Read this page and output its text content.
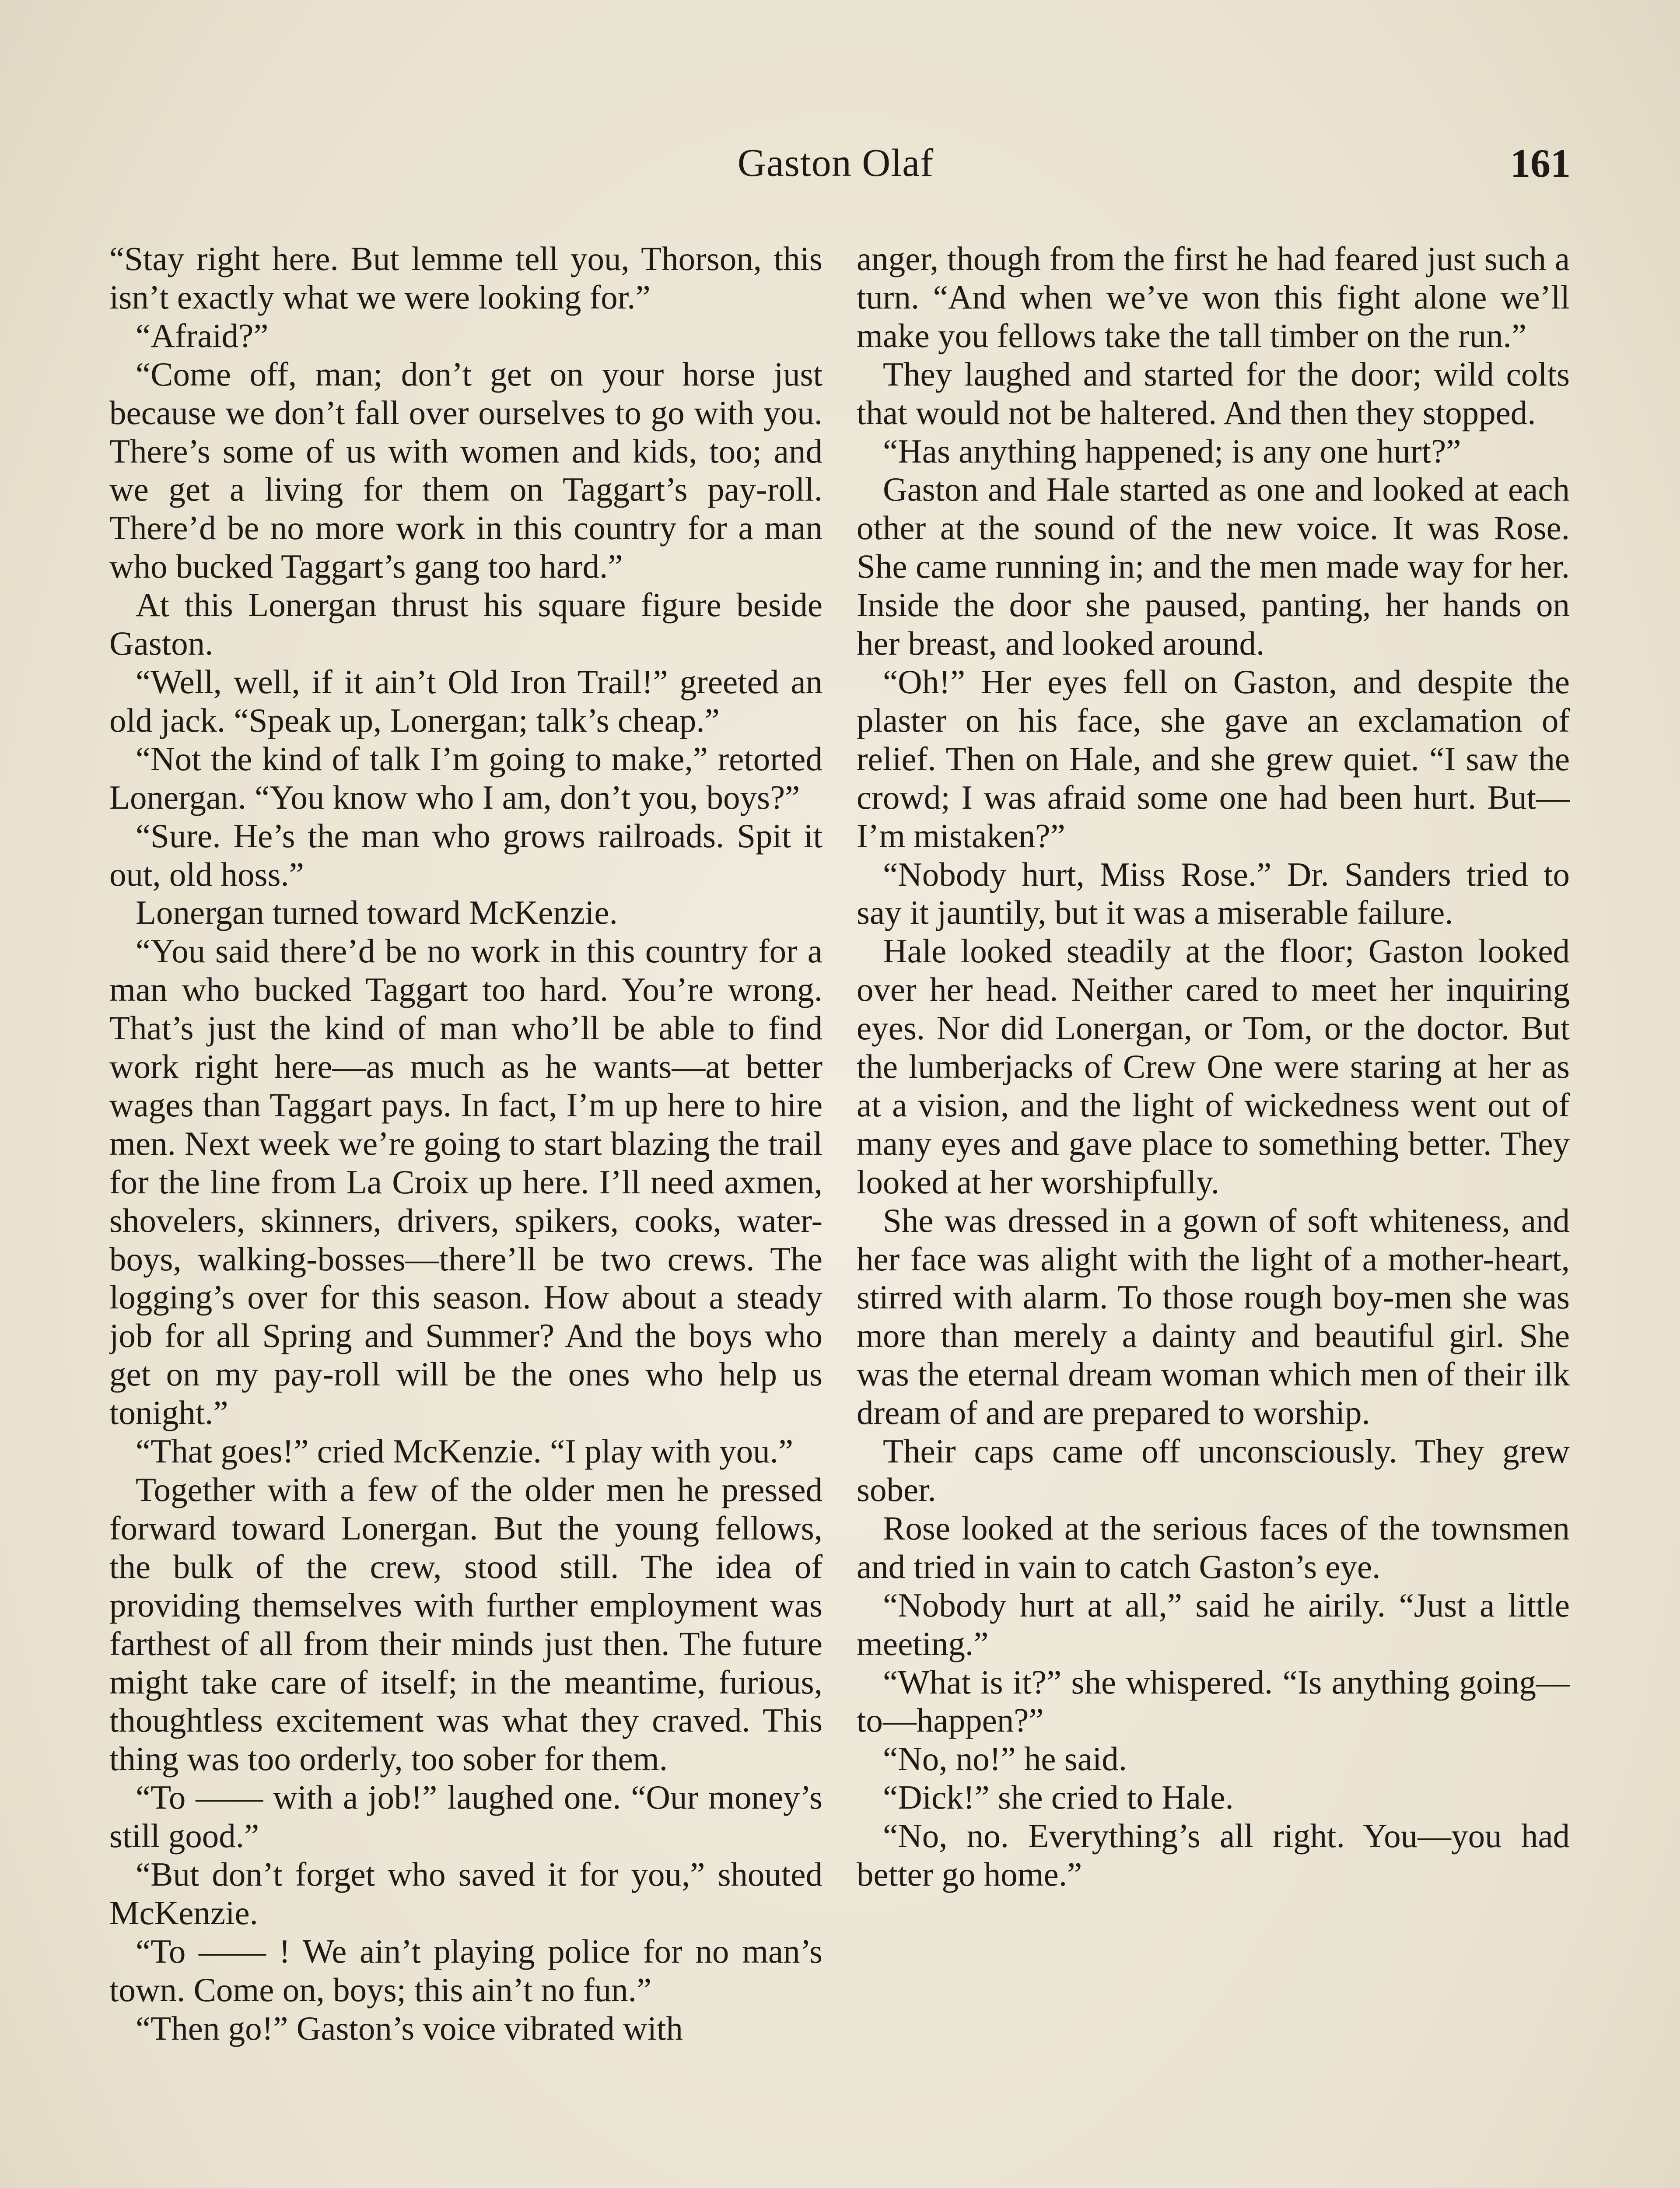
Gaston Olaf	161

“Stay right here. But lemme tell you, Thorson, this isn’t exactly what we were looking for.”

“Afraid?”

“Come off, man; don’t get on your horse just because we don’t fall over ourselves to go with you. There’s some of us with women and kids, too; and we get a living for them on Taggart’s pay-roll. There’d be no more work in this country for a man who bucked Taggart’s gang too hard.”

At this Lonergan thrust his square figure beside Gaston.

“Well, well, if it ain’t Old Iron Trail!” greeted an old jack. “Speak up, Lonergan; talk’s cheap.”

“Not the kind of talk I’m going to make,” retorted Lonergan. “You know who I am, don’t you, boys?”

“Sure. He’s the man who grows railroads. Spit it out, old hoss.”

Lonergan turned toward McKenzie.

“You said there’d be no work in this country for a man who bucked Taggart too hard. You’re wrong. That’s just the kind of man who’ll be able to find work right here—as much as he wants—at better wages than Taggart pays. In fact, I’m up here to hire men. Next week we’re going to start blazing the trail for the line from La Croix up here. I’ll need axmen, shovelers, skinners, drivers, spikers, cooks, water-boys, walking-bosses—there’ll be two crews. The logging’s over for this season. How about a steady job for all Spring and Summer? And the boys who get on my pay-roll will be the ones who help us tonight.”

“That goes!” cried McKenzie. “I play with you.”

Together with a few of the older men he pressed forward toward Lonergan. But the young fellows, the bulk of the crew, stood still. The idea of providing themselves with further employment was farthest of all from their minds just then. The future might take care of itself; in the meantime, furious, thoughtless excitement was what they craved. This thing was too orderly, too sober for them.

“To —— with a job!” laughed one. “Our money’s still good.”

“But don’t forget who saved it for you,” shouted McKenzie.

“To —— ! We ain’t playing police for no man’s town. Come on, boys; this ain’t no fun.”

“Then go!” Gaston’s voice vibrated with

anger, though from the first he had feared just such a turn. “And when we’ve won this fight alone we’ll make you fellows take the tall timber on the run.”

They laughed and started for the door; wild colts that would not be haltered. And then they stopped.

“Has anything happened; is any one hurt?”

Gaston and Hale started as one and looked at each other at the sound of the new voice. It was Rose. She came running in; and the men made way for her. Inside the door she paused, panting, her hands on her breast, and looked around.

“Oh!” Her eyes fell on Gaston, and despite the plaster on his face, she gave an exclamation of relief. Then on Hale, and she grew quiet. “I saw the crowd; I was afraid some one had been hurt. But—I’m mistaken?”

“Nobody hurt, Miss Rose.” Dr. Sanders tried to say it jauntily, but it was a miserable failure.

Hale looked steadily at the floor; Gaston looked over her head. Neither cared to meet her inquiring eyes. Nor did Lonergan, or Tom, or the doctor. But the lumberjacks of Crew One were staring at her as at a vision, and the light of wickedness went out of many eyes and gave place to something better. They looked at her worshipfully.

She was dressed in a gown of soft whiteness, and her face was alight with the light of a mother-heart, stirred with alarm. To those rough boy-men she was more than merely a dainty and beautiful girl. She was the eternal dream woman which men of their ilk dream of and are prepared to worship.

Their caps came off unconsciously. They grew sober.

Rose looked at the serious faces of the townsmen and tried in vain to catch Gaston’s eye.

“Nobody hurt at all,” said he airily. “Just a little meeting.”

“What is it?” she whispered. “Is anything going—to—happen?”

“No, no!” he said.

“Dick!” she cried to Hale.

“No, no. Everything’s all right. You—you had better go home.”
